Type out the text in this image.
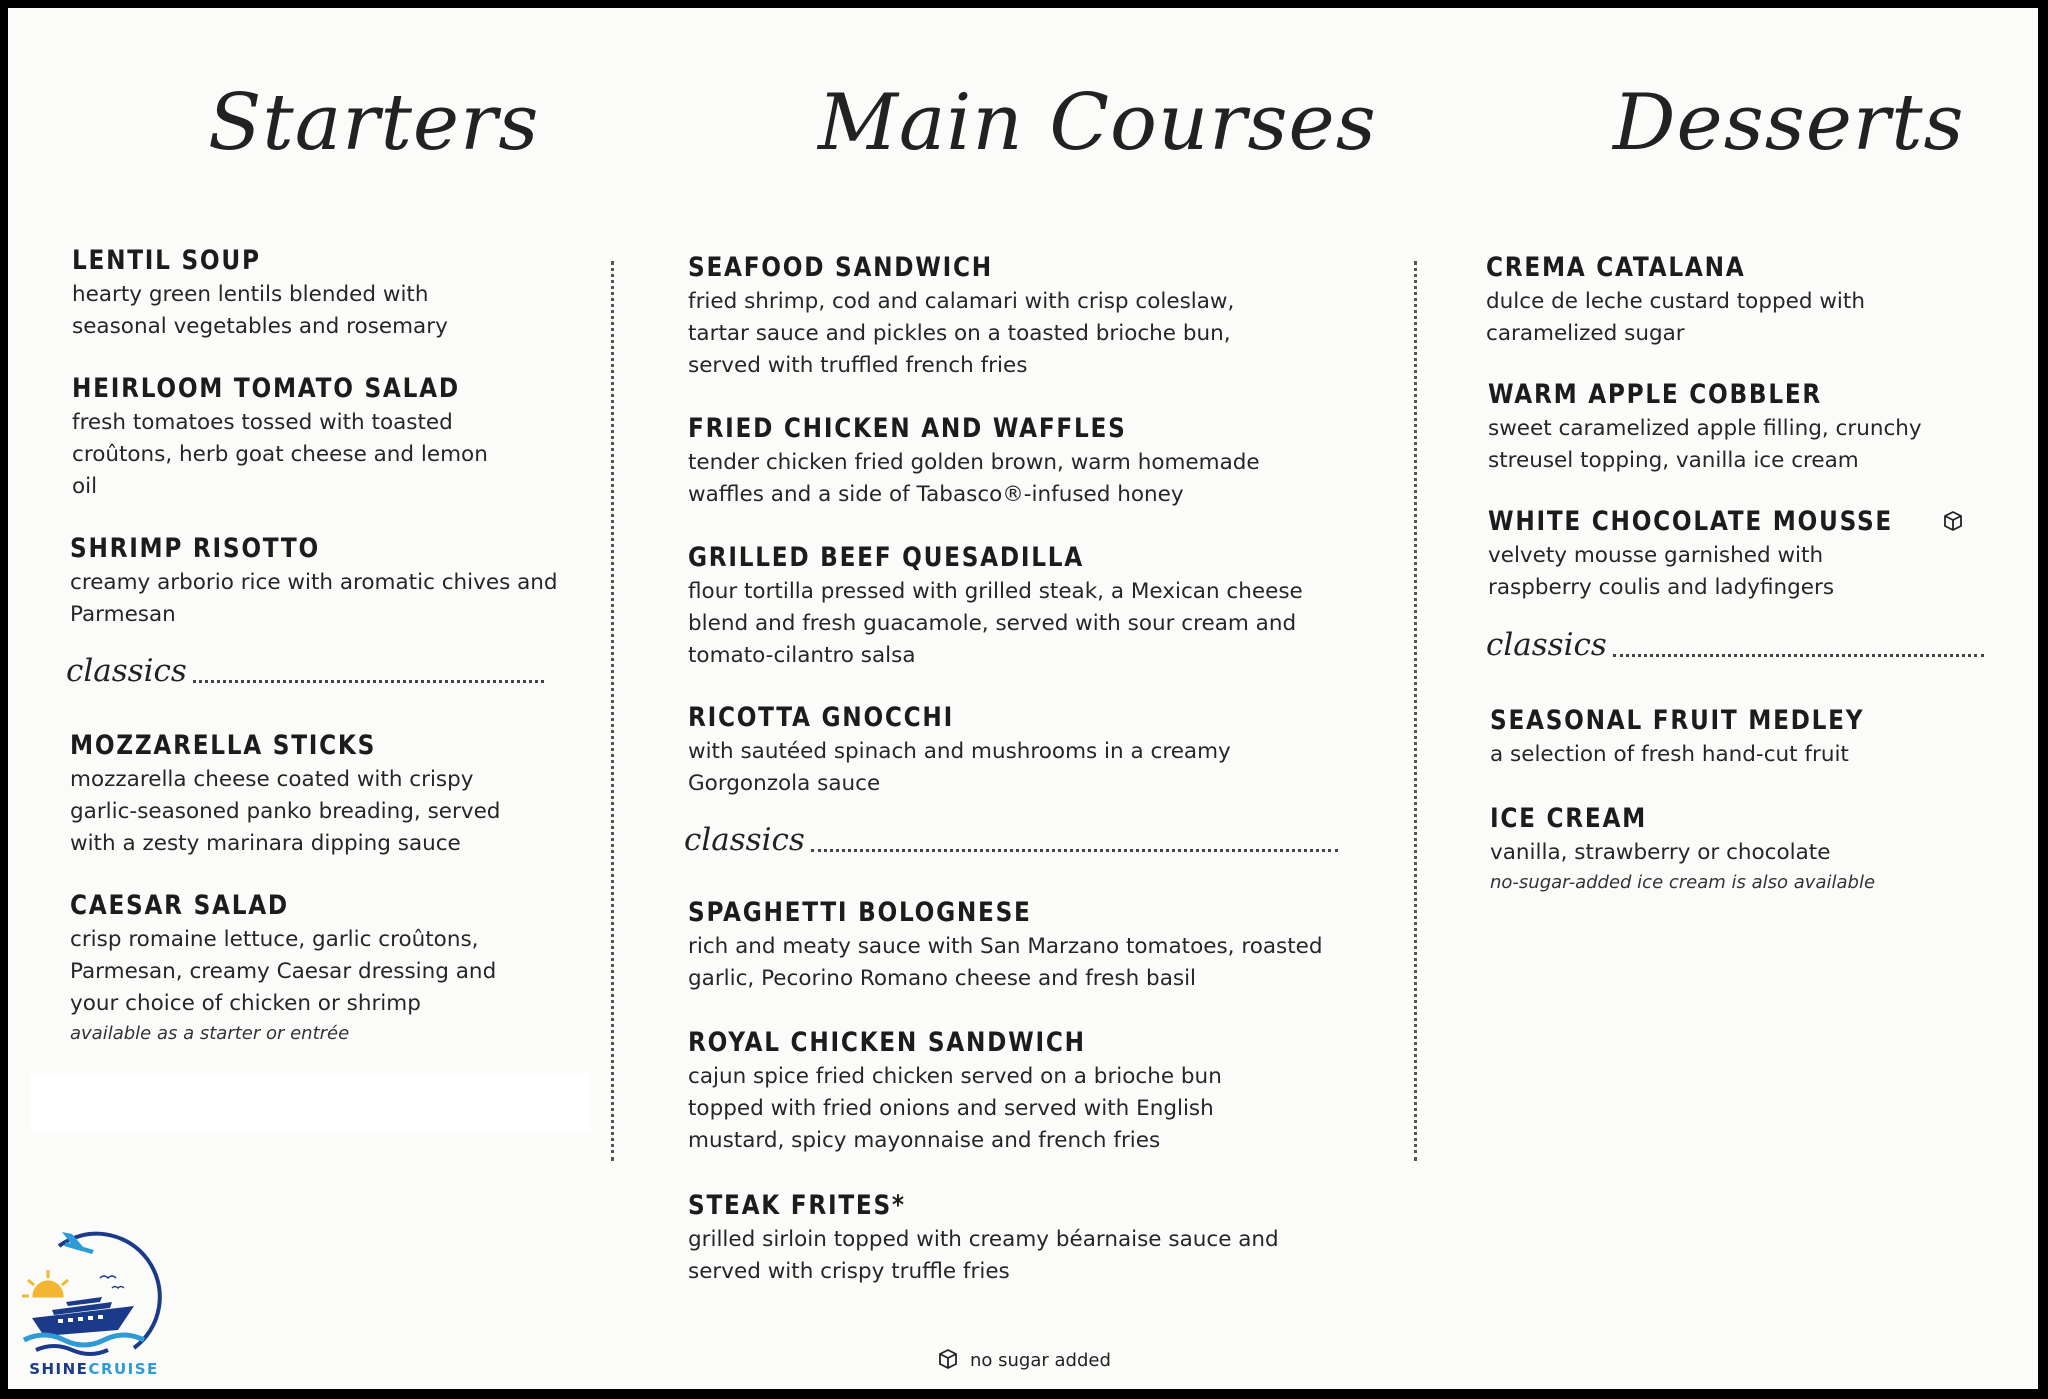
Starters	Main Courses	Desserts
LENTIL SOUP
hearty green lentils blended with seasonal vegetables and rosemary
HEIRLOOM TOMATO SALAD
fresh tomatoes tossed with toasted croûtons, herb goat cheese and lemon oil
SHRIMP RISOTTO
creamy arborio rice with aromatic chives and Parmesan
classics
MOZZARELLA STICKS
mozzarella cheese coated with crispy garlic-seasoned panko breading, served with a zesty marinara dipping sauce
CAESAR SALAD
crisp romaine lettuce, garlic croûtons, Parmesan, creamy Caesar dressing and your choice of chicken or shrimp
available as a starter or entrée
SEAFOOD SANDWICH
fried shrimp, cod and calamari with crisp coleslaw, tartar sauce and pickles on a toasted brioche bun, served with truffled french fries
FRIED CHICKEN AND WAFFLES
tender chicken fried golden brown, warm homemade waffles and a side of Tabasco®-infused honey
GRILLED BEEF QUESADILLA
flour tortilla pressed with grilled steak, a Mexican cheese blend and fresh guacamole, served with sour cream and tomato-cilantro salsa
RICOTTA GNOCCHI
with sautéed spinach and mushrooms in a creamy Gorgonzola sauce
classics
SPAGHETTI BOLOGNESE
rich and meaty sauce with San Marzano tomatoes, roasted garlic, Pecorino Romano cheese and fresh basil
ROYAL CHICKEN SANDWICH
cajun spice fried chicken served on a brioche bun topped with fried onions and served with English mustard, spicy mayonnaise and french fries
STEAK FRITES*
grilled sirloin topped with creamy béarnaise sauce and served with crispy truffle fries
CREMA CATALANA
dulce de leche custard topped with caramelized sugar
WARM APPLE COBBLER
sweet caramelized apple filling, crunchy streusel topping, vanilla ice cream
WHITE CHOCOLATE MOUSSE
velvety mousse garnished with raspberry coulis and ladyfingers
classics
SEASONAL FRUIT MEDLEY
a selection of fresh hand-cut fruit
ICE CREAM
vanilla, strawberry or chocolate
no-sugar-added ice cream is also available
no sugar added
SHINECRUISE
